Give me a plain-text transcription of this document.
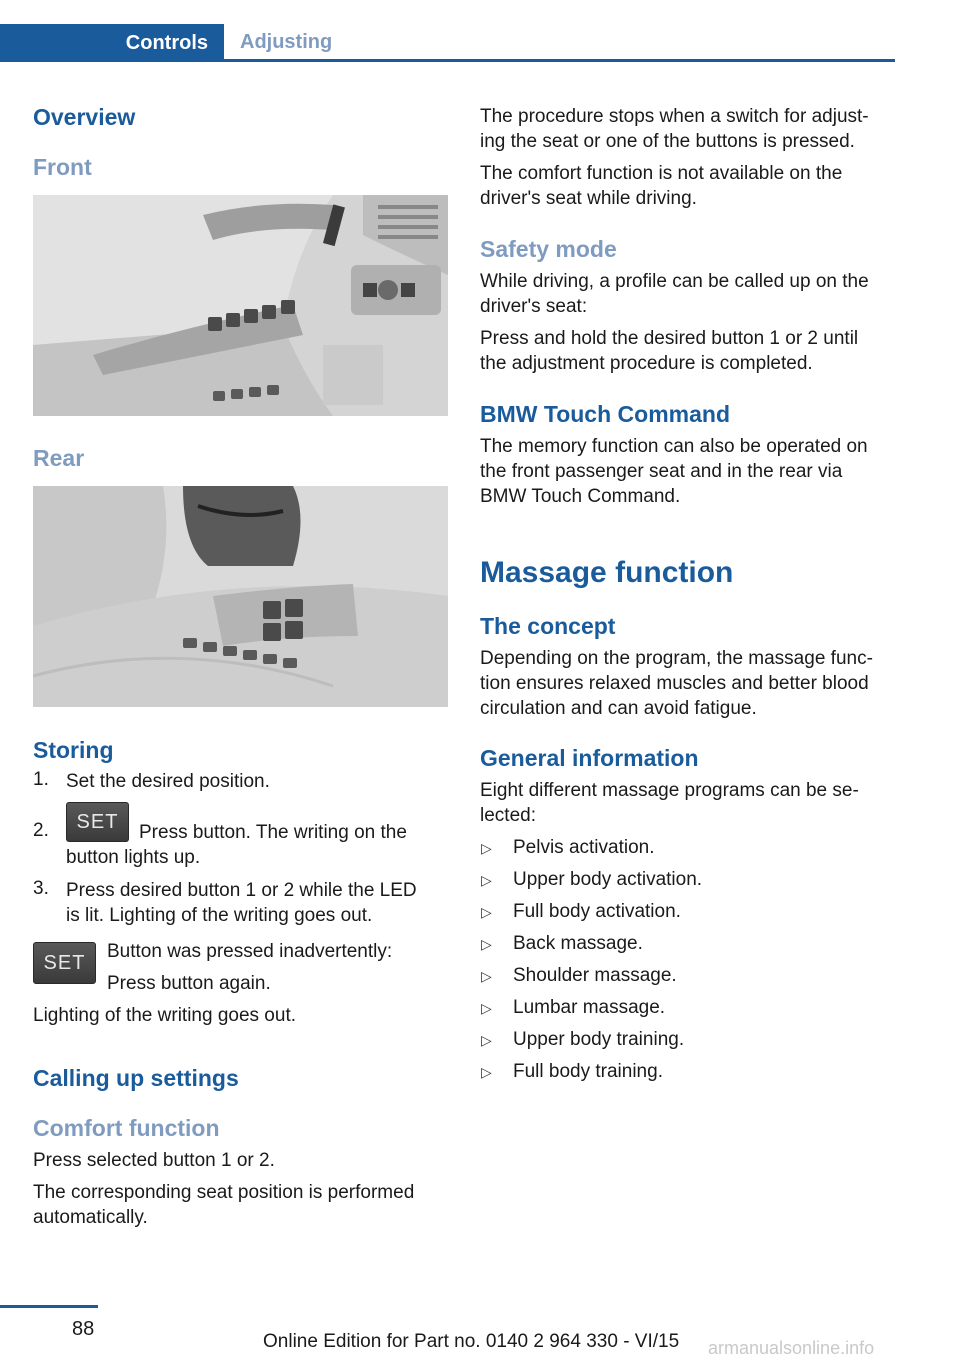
Controls	Adjusting
Overview
Front
Rear
Storing
1. Set the desired position.
2. SET Press button. The writing on the
button lights up.
3. Press desired button 1 or 2 while the LED
is lit. Lighting of the writing goes out.
SET Button was pressed inadvertently:
Press button again.
Lighting of the writing goes out.
Calling up settings
Comfort function
Press selected button 1 or 2.
The corresponding seat position is performed
automatically.
The procedure stops when a switch for adjust-
ing the seat or one of the buttons is pressed.
The comfort function is not available on the
driver's seat while driving.
Safety mode
While driving, a profile can be called up on the
driver's seat:
Press and hold the desired button 1 or 2 until
the adjustment procedure is completed.
BMW Touch Command
The memory function can also be operated on
the front passenger seat and in the rear via
BMW Touch Command.
Massage function
The concept
Depending on the program, the massage func-
tion ensures relaxed muscles and better blood
circulation and can avoid fatigue.
General information
Eight different massage programs can be se-
lected:
▷ Pelvis activation.
▷ Upper body activation.
▷ Full body activation.
▷ Back massage.
▷ Shoulder massage.
▷ Lumbar massage.
▷ Upper body training.
▷ Full body training.
88
Online Edition for Part no. 0140 2 964 330 - VI/15 armanualsonline.info
